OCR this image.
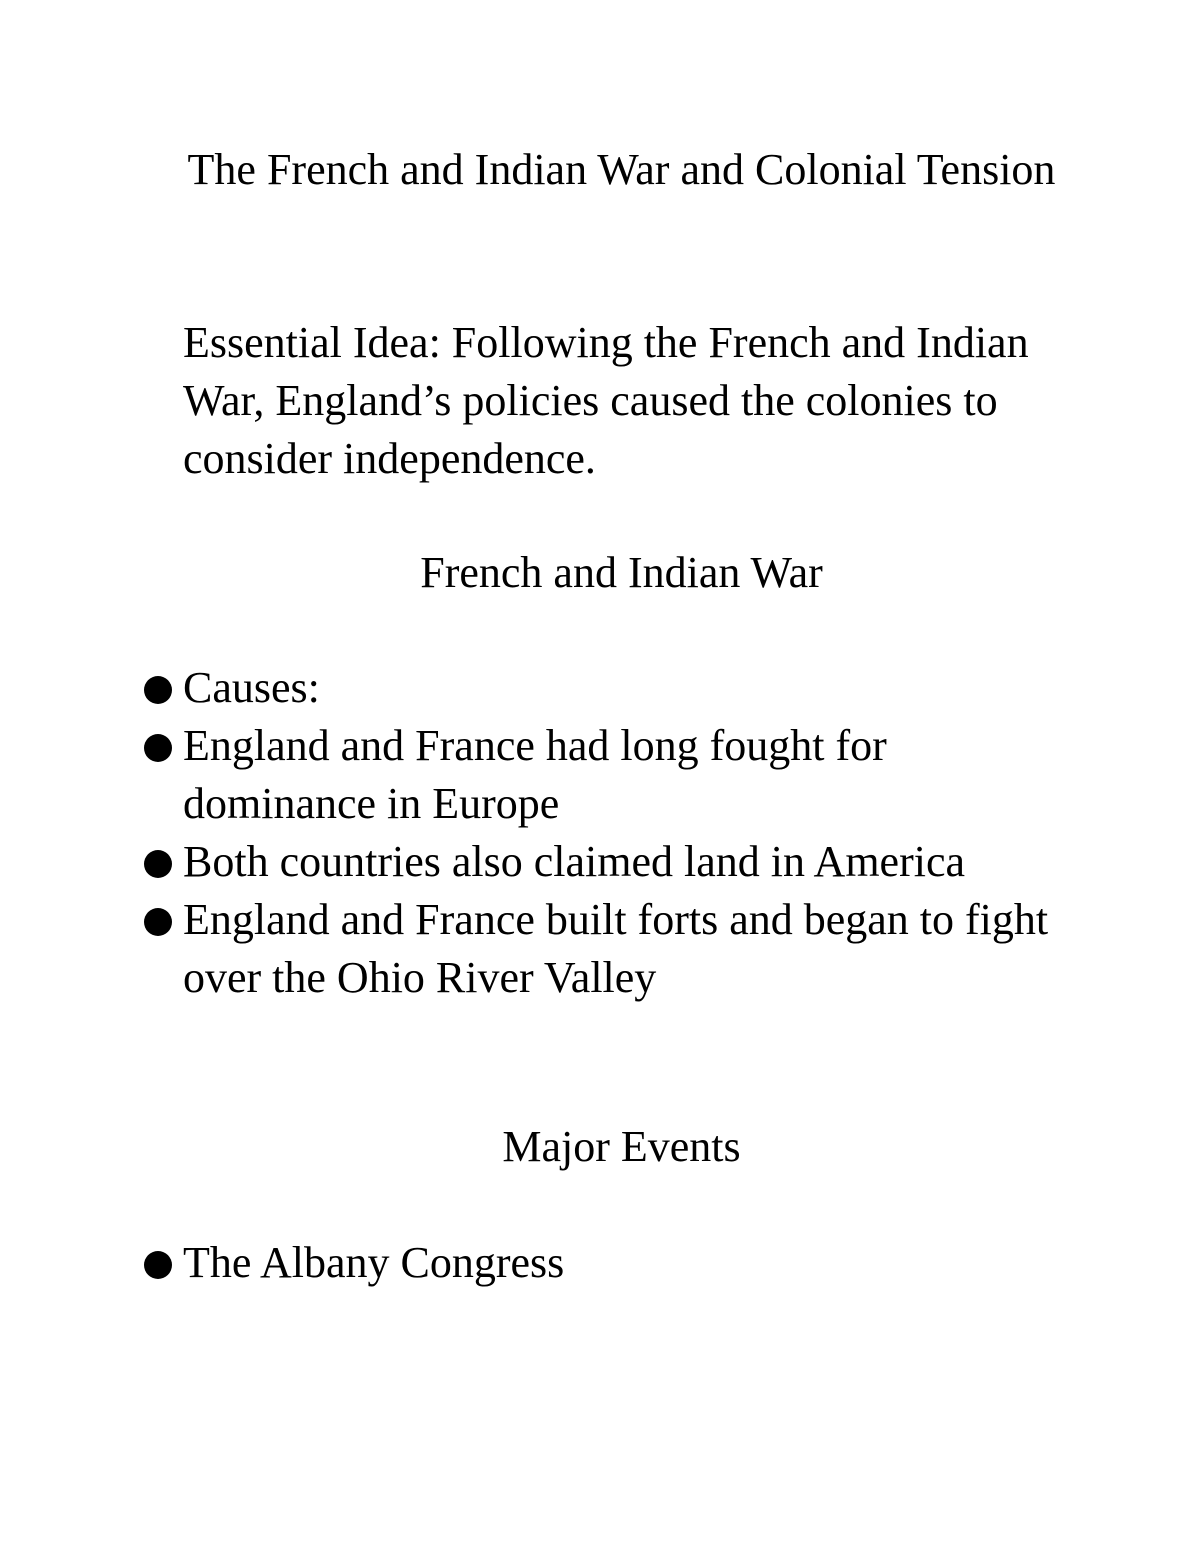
The French and Indian War and Colonial Tension

Essential Idea: Following the French and Indian War, England’s policies caused the colonies to consider independence.

French and Indian War
Causes:
England and France had long fought for dominance in Europe
Both countries also claimed land in America
England and France built forts and began to fight over the Ohio River Valley
Major Events
The Albany Congress
